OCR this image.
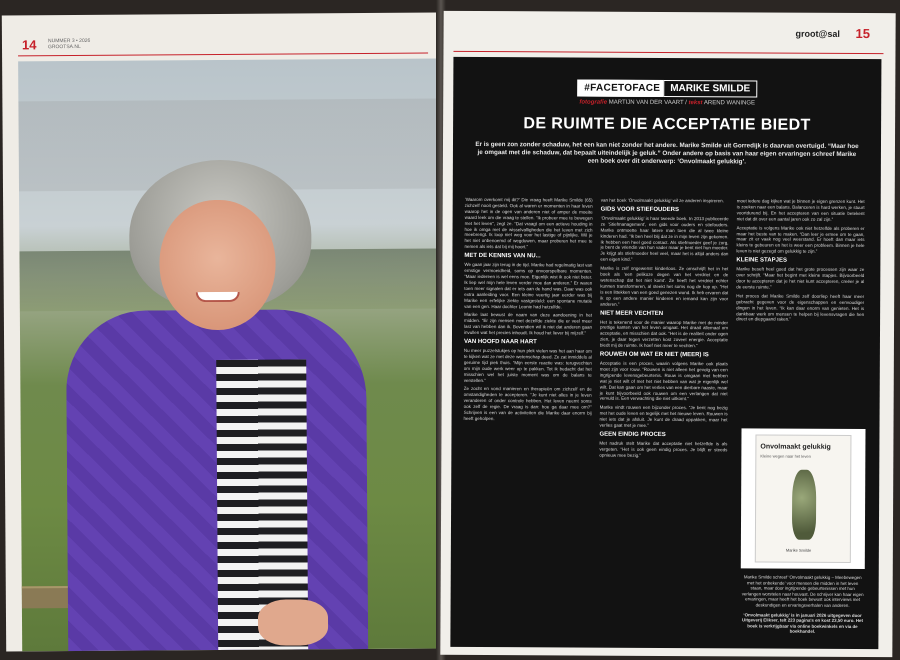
14 NUMMER 3 • 2026
GROOTSA.NL
groot@sal 15
#FACETOFACE MARIKE SMILDE
fotografie MARTIJN VAN DER VAART / tekst AREND WANINGE
DE RUIMTE DIE ACCEPTATIE BIEDT
Er is geen zon zonder schaduw, het een kan niet zonder het andere. Marike Smilde uit Gorredijk is daarvan overtuigd. “Maar hoe je omgaat met die schaduw, dat bepaalt uiteindelijk je geluk.” Onder andere op basis van haar eigen ervaringen schreef Marike een boek over dit onderwerp: ‘Onvolmaakt gelukkig’.

‘Waarom overkomt mij dit?’ Die vraag heeft Marike Smilde (65) zichzelf nooit gesteld. Ook al waren er momenten in haar leven waarop het in de ogen van anderen niet of amper de moeite waard leek om die vraag te stellen. “Ik probeer mee te bewegen met het leven”, zegt ze. “Dat vraagt om een actieve houding in hoe ik omga met de wisselvalligheden die het leven met zich meebrengt. Ik loop niet weg voor het lastige of pijnlijke. Wil je het niet onbenoemd of wegduwen, maar proberen het mee te nemen als iets dat bij mij hoort.”

MET DE KENNIS VAN NU...

We gaan jaar zijn terug in de tijd. Marike had regelmatig last van ernstige vermoeidheid, soms op onvoorspelbare momenten. “Maar iedereen is wel eens moe. Eigenlijk wist ik ook niet beter. Ik liep wel mijn hele leven verder moe dan anderen.” Er waren toen meer signalen dat er iets aan de hand was. Daar was ook extra aanleiding voor. Een kleine veertig jaar eerder was bij Marike een erfelijke ziekte vastgesteld: een spontane mutatie van een gen. Haar dochter Leonie had hetzelfde.

Marike laat bewust de naam van deze aandoening in het midden. “Er zijn mensen met dezelfde ziekte die er veel meer last van hebben dan ik. Bovendien wil ik niet dat anderen gaan invullen wat het precies inhoudt. Ik houd het liever bij mijzelf.”

VAN HOOFD NAAR HART

Nu meer puzzelstukjes op hun plek vielen was het aan haar om te kijken wat ze met deze wetenschap deed. Ze zat inmiddels al geruime tijd piek thuis. “Mijn eerste reactie was: terugvechten om mijn oude werk weer op te pakken. Tot ik bedacht dat het misschien wel het juiste moment was om de balans te verstellen.”

Ze zocht en vond manieren en therapieën om zichzelf en de omstandigheden te accepteren. “Je kunt niet alles in je leven veranderen of onder controle hebben. Het leven neemt soms ook zelf de regie. De vraag is dan: hoe ga daar mee om?” Schrijven is een van de activiteiten die Marike daar enorm bij heeft geholpen.

van het boek ‘Onvolmaakt gelukkig’ wil ze anderen inspireren.

GIDS VOOR STIEFOUDERS

‘Onvolmaakt gelukkig’ is haar tweede boek. In 2013 publiceerde ze ‘Stiefmanagement’, een gids voor ouders en stiefouders. Marike ontmoette haar latere man toen die al twee kleine kinderen had. “Ik ben heel blij dat ze in mijn leven zijn gekomen. Ik hebben een heel goed contact. Als stiefmoeder geef je zorg, je bent de vriendin van hun vader maar je bent niet hun moeder. Je krijgt als stiefmoeder heel veel, maar het is altijd anders dan een eigen kind.”

Marike is zelf ongewenst kinderloos. Ze omschrijft het in het boek als ‘een pelikoze degen van het verdriet en de wetenschap dat het niet komt’. Ze heeft het verdriet echter kunnen transformeren, al steekt het soms nog de kop op. “Het is een littekken van een goed genezen wond. Ik heb ervaren dat ik op een andere manier kinderen en iemand kan zijn voor anderen.”

NIET MEER VECHTEN

Het is tekenend voor de manier waarop Marike met de minder prettige kanten van het leven omgaat. Het draait allemaal om acceptatie, en misschien dat ook. “Het is de realiteit onder ogen zien, je daar tegen verzetten kost zoveel energie. Acceptatie biedt mij de ruimte. Ik hoef niet meer te vechten.”

ROUWEN OM WAT ER NIET (MEER) IS

Acceptatie is een proces, waarin volgens Marike ook plaats moet zijn voor rouw. “Rouwen is niet alleen het gevolg van een ingrijpende levensgebeurtenis. Rouw is omgaan met hebben wat je niet wilt of met het niet hebben van wat je eigenlijk wel wilt. Dat kan gaan om het verlies van een dierbare naaste, maar je kunt bijvoorbeeld ook rouwen om een verlangen dat niet vervuld is. Een verwachting die niet uitkomt.”

Marike vindt rouwen een bijzonder proces. “Je bent nog bezig met het oude leven en tegelijk met het nieuwe leven. Rouwen is niet iets dat je afsluit. Je kunt de draad oppakken, maar het verlies gaat met je mee.”

GEEN EINDIG PROCES

Met nadruk stelt Marike dat acceptatie niet hetzelfde is als vergeten. “Het is ook geen eindig proces. Je blijft er steeds opnieuw mee bezig.”

moet iedere dag kijken wat je binnen je eigen grenzen kunt. Het is zoeken naar een balans. Balanceren is hard werken, je stuurt voortdurend bij. En het accepteren van een situatie betekent niet dat dit over een aantal jaren ook zo zal zijn.”

Acceptatie is volgens Marike ook niet hetzelfde als proberen er maar het beste van te maken. “Dan leer je ermee om te gaan, maar zit er vaak nog veel weerstand. Er hoeft dan maar iets kleins te gebeuren en het is weer een probleem. Binnen je hele leven is niet gezegd om gelukkig te zijn.”

KLEINE STAPJES

Marike beseft heel goed dat het grote processen zijn waar ze over schrijft. “Maar het begint met kleine stapjes. Bijvoorbeeld door te accepteren dat je het niet kunt accepteren, creëer je al de eerste ruimte.”

Het proces dat Marike Smilde zelf doorliep heeft haar meer gebracht gegeven voor de eigenschappen en eenvoudiger dingen in het leven. “Ik kan daar enorm van genieten. Het is dankbaar werk om mensen te helpen bij levensvragen die hen direct en diepgaand raken.”

Onvolmaakt gelukkig
Kleine wegen naar het leven
Marike Smilde
Marike Smilde schreef ‘Onvolmaakt gelukkig – Meebewegen met het onbekende’ voor mensen die midden in het leven staan, maar door ingrijpende gebeurtenissen met hun verlangen worstelen naar houvast. De schrijver kan haar eigen ervaringen, maar heeft het boek bewust ook interviews met deskundigen en ervaringsverhalen van anderen.
‘Onvolmaakt gelukkig’ is in januari 2026 uitgegeven door Uitgeverij Elikser, telt 223 pagina's en kost 23,50 euro. Het boek is verkrijgbaar via online boekwinkels en via de boekhandel.
